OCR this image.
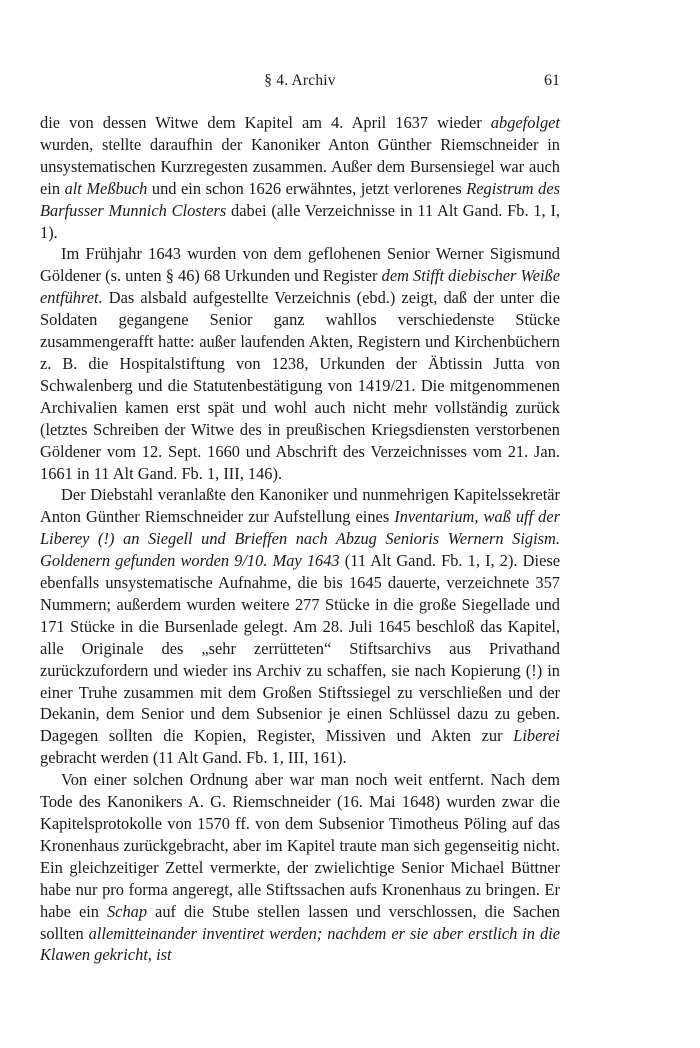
§ 4. Archiv	61

die von dessen Witwe dem Kapitel am 4. April 1637 wieder abgefolget wurden, stellte daraufhin der Kanoniker Anton Günther Riemschneider in unsystematischen Kurzregesten zusammen. Außer dem Bursensiegel war auch ein alt Meßbuch und ein schon 1626 erwähntes, jetzt verlorenes Registrum des Barfusser Munnich Closters dabei (alle Verzeichnisse in 11 Alt Gand. Fb. 1, I, 1).

Im Frühjahr 1643 wurden von dem geflohenen Senior Werner Sigismund Göldener (s. unten § 46) 68 Urkunden und Register dem Stifft diebischer Weiße entführet. Das alsbald aufgestellte Verzeichnis (ebd.) zeigt, daß der unter die Soldaten gegangene Senior ganz wahllos verschiedenste Stücke zusammengerafft hatte: außer laufenden Akten, Registern und Kirchenbüchern z. B. die Hospitalstiftung von 1238, Urkunden der Äbtissin Jutta von Schwalenberg und die Statutenbestätigung von 1419/21. Die mitgenommenen Archivalien kamen erst spät und wohl auch nicht mehr vollständig zurück (letztes Schreiben der Witwe des in preußischen Kriegsdiensten verstorbenen Göldener vom 12. Sept. 1660 und Abschrift des Verzeichnisses vom 21. Jan. 1661 in 11 Alt Gand. Fb. 1, III, 146).

Der Diebstahl veranlaßte den Kanoniker und nunmehrigen Kapitelssekretär Anton Günther Riemschneider zur Aufstellung eines Inventarium, waß uff der Liberey (!) an Siegell und Brieffen nach Abzug Senioris Wernern Sigism. Goldenern gefunden worden 9/10. May 1643 (11 Alt Gand. Fb. 1, I, 2). Diese ebenfalls unsystematische Aufnahme, die bis 1645 dauerte, verzeichnete 357 Nummern; außerdem wurden weitere 277 Stücke in die große Siegellade und 171 Stücke in die Bursenlade gelegt. Am 28. Juli 1645 beschloß das Kapitel, alle Originale des „sehr zerrütteten“ Stiftsarchivs aus Privathand zurückzufordern und wieder ins Archiv zu schaffen, sie nach Kopierung (!) in einer Truhe zusammen mit dem Großen Stiftssiegel zu verschließen und der Dekanin, dem Senior und dem Subsenior je einen Schlüssel dazu zu geben. Dagegen sollten die Kopien, Register, Missiven und Akten zur Liberei gebracht werden (11 Alt Gand. Fb. 1, III, 161).

Von einer solchen Ordnung aber war man noch weit entfernt. Nach dem Tode des Kanonikers A. G. Riemschneider (16. Mai 1648) wurden zwar die Kapitelsprotokolle von 1570 ff. von dem Subsenior Timotheus Pöling auf das Kronenhaus zurückgebracht, aber im Kapitel traute man sich gegenseitig nicht. Ein gleichzeitiger Zettel vermerkte, der zwielichtige Senior Michael Büttner habe nur pro forma angeregt, alle Stiftssachen aufs Kronenhaus zu bringen. Er habe ein Schap auf die Stube stellen lassen und verschlossen, die Sachen sollten allemitteinander inventiret werden; nachdem er sie aber erstlich in die Klawen gekricht, ist
